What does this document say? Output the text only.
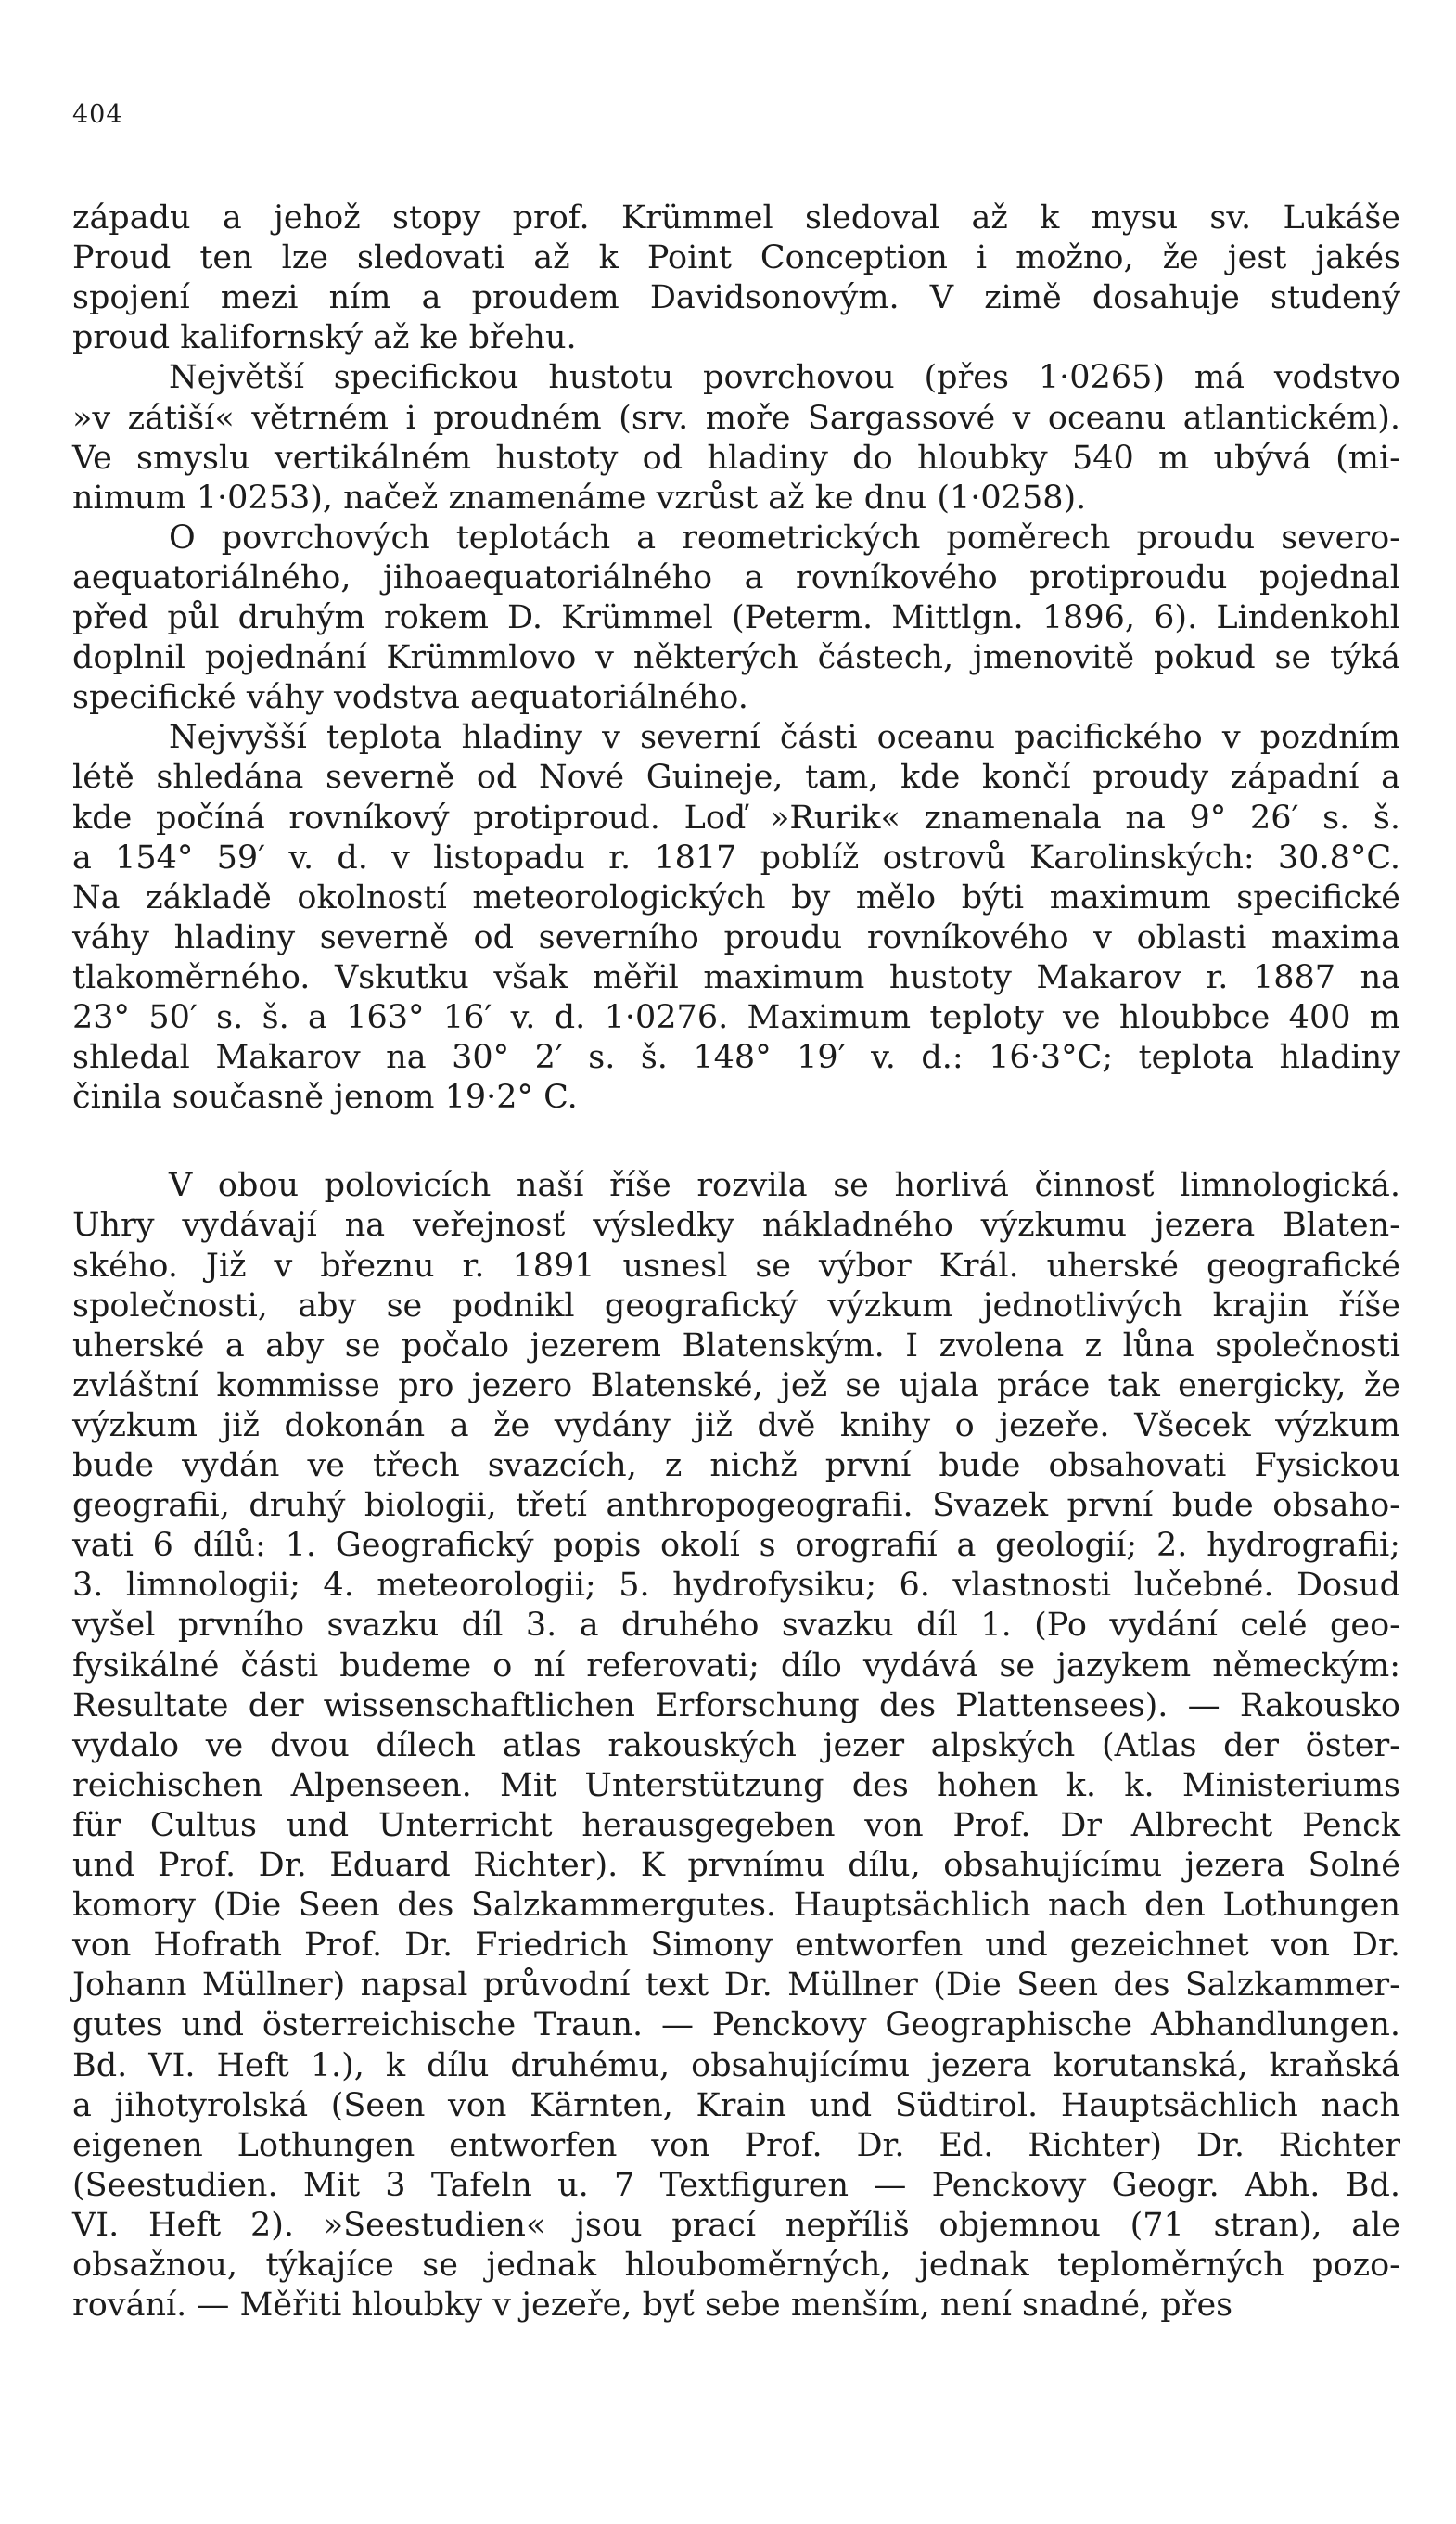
404
západu a jehož stopy prof. Krümmel sledoval až k mysu sv. Lukáše
Proud ten lze sledovati až k Point Conception i možno, že jest jakés
spojení mezi ním a proudem Davidsonovým. V zimě dosahuje studený
proud kalifornský až ke břehu.
Největší specifickou hustotu povrchovou (přes 1·0265) má vodstvo
»v zátiší« větrném i proudném (srv. moře Sargassové v oceanu atlantickém).
Ve smyslu vertikálném hustoty od hladiny do hloubky 540 m ubývá (mi-
nimum 1·0253), načež znamenáme vzrůst až ke dnu (1·0258).
O povrchových teplotách a reometrických poměrech proudu severo-
aequatoriálného, jihoaequatoriálného a rovníkového protiproudu pojednal
před půl druhým rokem D. Krümmel (Peterm. Mittlgn. 1896, 6). Lindenkohl
doplnil pojednání Krümmlovo v některých částech, jmenovitě pokud se týká
specifické váhy vodstva aequatoriálného.
Nejvyšší teplota hladiny v severní části oceanu pacifického v pozdním
létě shledána severně od Nové Guineje, tam, kde končí proudy západní a
kde počíná rovníkový protiproud. Loď »Rurik« znamenala na 9° 26′ s. š.
a 154° 59′ v. d. v listopadu r. 1817 poblíž ostrovů Karolinských: 30.8°C.
Na základě okolností meteorologických by mělo býti maximum specifické
váhy hladiny severně od severního proudu rovníkového v oblasti maxima
tlakoměrného. Vskutku však měřil maximum hustoty Makarov r. 1887 na
23° 50′ s. š. a 163° 16′ v. d. 1·0276. Maximum teploty ve hloubbce 400 m
shledal Makarov na 30° 2′ s. š. 148° 19′ v. d.: 16·3°C; teplota hladiny
činila současně jenom 19·2° C.
V obou polovicích naší říše rozvila se horlivá činnosť limnologická.
Uhry vydávají na veřejnosť výsledky nákladného výzkumu jezera Blaten-
ského. Již v březnu r. 1891 usnesl se výbor Král. uherské geografické
společnosti, aby se podnikl geografický výzkum jednotlivých krajin říše
uherské a aby se počalo jezerem Blatenským. I zvolena z lůna společnosti
zvláštní kommisse pro jezero Blatenské, jež se ujala práce tak energicky, že
výzkum již dokonán a že vydány již dvě knihy o jezeře. Všecek výzkum
bude vydán ve třech svazcích, z nichž první bude obsahovati Fysickou
geografii, druhý biologii, třetí anthropogeografii. Svazek první bude obsaho-
vati 6 dílů: 1. Geografický popis okolí s orografií a geologií; 2. hydrografii;
3. limnologii; 4. meteorologii; 5. hydrofysiku; 6. vlastnosti lučebné. Dosud
vyšel prvního svazku díl 3. a druhého svazku díl 1. (Po vydání celé geo-
fysikálné části budeme o ní referovati; dílo vydává se jazykem německým:
Resultate der wissenschaftlichen Erforschung des Plattensees). — Rakousko
vydalo ve dvou dílech atlas rakouských jezer alpských (Atlas der öster-
reichischen Alpenseen. Mit Unterstützung des hohen k. k. Ministeriums
für Cultus und Unterricht herausgegeben von Prof. Dr Albrecht Penck
und Prof. Dr. Eduard Richter). K prvnímu dílu, obsahujícímu jezera Solné
komory (Die Seen des Salzkammergutes. Hauptsächlich nach den Lothungen
von Hofrath Prof. Dr. Friedrich Simony entworfen und gezeichnet von Dr.
Johann Müllner) napsal průvodní text Dr. Müllner (Die Seen des Salzkammer-
gutes und österreichische Traun. — Penckovy Geographische Abhandlungen.
Bd. VI. Heft 1.), k dílu druhému, obsahujícímu jezera korutanská, kraňská
a jihotyrolská (Seen von Kärnten, Krain und Südtirol. Hauptsächlich nach
eigenen Lothungen entworfen von Prof. Dr. Ed. Richter) Dr. Richter
(Seestudien. Mit 3 Tafeln u. 7 Textfiguren — Penckovy Geogr. Abh. Bd.
VI. Heft 2). »Seestudien« jsou prací nepříliš objemnou (71 stran), ale
obsažnou, týkajíce se jednak hlouboměrných, jednak teploměrných pozo-
rování. — Měřiti hloubky v jezeře, byť sebe menším, není snadné, přes
